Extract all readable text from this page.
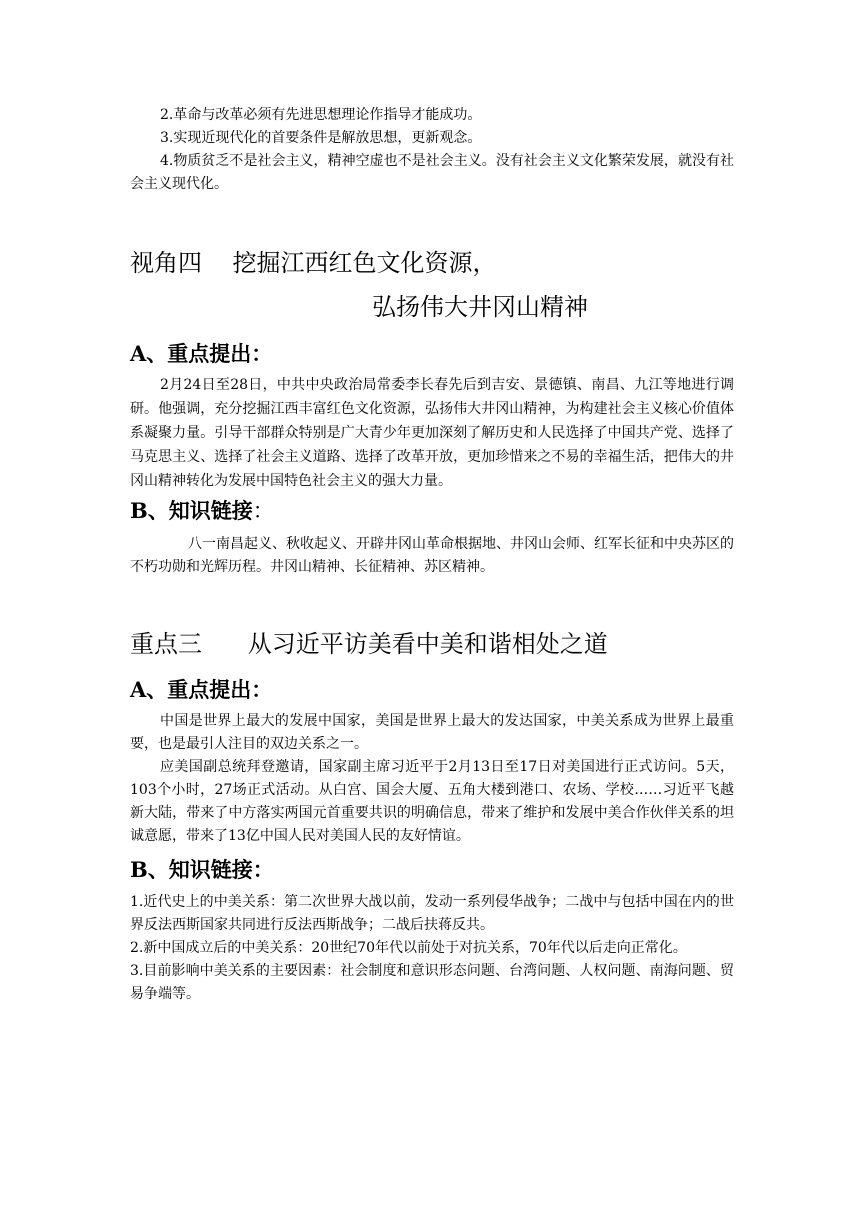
2.革命与改革必须有先进思想理论作指导才能成功。

3.实现近现代化的首要条件是解放思想，更新观念。

4.物质贫乏不是社会主义，精神空虚也不是社会主义。没有社会主义文化繁荣发展，就没有社会主义现代化。

视角四    挖掘江西红色文化资源，

弘扬伟大井冈山精神

A、重点提出：

2月24日至28日，中共中央政治局常委李长春先后到吉安、景德镇、南昌、九江等地进行调研。他强调，充分挖掘江西丰富红色文化资源，弘扬伟大井冈山精神，为构建社会主义核心价值体系凝聚力量。引导干部群众特别是广大青少年更加深刻了解历史和人民选择了中国共产党、选择了马克思主义、选择了社会主义道路、选择了改革开放，更加珍惜来之不易的幸福生活，把伟大的井冈山精神转化为发展中国特色社会主义的强大力量。

B、知识链接：

八一南昌起义、秋收起义、开辟井冈山革命根据地、井冈山会师、红军长征和中央苏区的不朽功勋和光辉历程。井冈山精神、长征精神、苏区精神。

重点三      从习近平访美看中美和谐相处之道

A、重点提出：

中国是世界上最大的发展中国家，美国是世界上最大的发达国家，中美关系成为世界上最重要，也是最引人注目的双边关系之一。

应美国副总统拜登邀请，国家副主席习近平于2月13日至17日对美国进行正式访问。5天，103个小时，27场正式活动。从白宫、国会大厦、五角大楼到港口、农场、学校……习近平飞越新大陆，带来了中方落实两国元首重要共识的明确信息，带来了维护和发展中美合作伙伴关系的坦诚意愿，带来了13亿中国人民对美国人民的友好情谊。

B、知识链接：

1.近代史上的中美关系：第二次世界大战以前，发动一系列侵华战争；二战中与包括中国在内的世界反法西斯国家共同进行反法西斯战争；二战后扶蒋反共。

2.新中国成立后的中美关系：20世纪70年代以前处于对抗关系，70年代以后走向正常化。

3.目前影响中美关系的主要因素：社会制度和意识形态问题、台湾问题、人权问题、南海问题、贸易争端等。
